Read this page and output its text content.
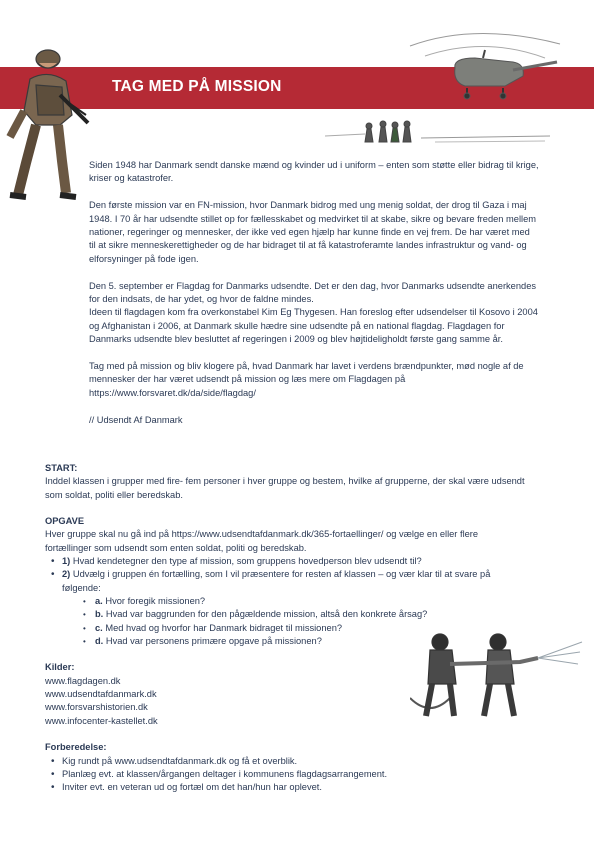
TAG MED PÅ MISSION

Siden 1948 har Danmark sendt danske mænd og kvinder ud i uniform – enten som støtte eller bidrag til krige, kriser og katastrofer.

Den første mission var en FN-mission, hvor Danmark bidrog med ung menig soldat, der drog til Gaza i maj 1948. I 70 år har udsendte stillet op for fællesskabet og medvirket til at skabe, sikre og bevare freden mellem nationer, regeringer og mennesker, der ikke ved egen hjælp har kunne finde en vej frem. De har været med til at sikre menneskerettigheder og de har bidraget til at få katastroferamte landes infrastruktur og vand- og elforsyninger på fode igen.

Den 5. september er Flagdag for Danmarks udsendte. Det er den dag, hvor Danmarks udsendte anerkendes for den indsats, de har ydet, og hvor de faldne mindes.

Ideen til flagdagen kom fra overkonstabel Kim Eg Thygesen. Han foreslog efter udsendelser til Kosovo i 2004 og Afghanistan i 2006, at Danmark skulle hædre sine udsendte på en national flagdag. Flagdagen for Danmarks udsendte blev besluttet af regeringen i 2009 og blev højtideligholdt første gang samme år.

Tag med på mission og bliv klogere på, hvad Danmark har lavet i verdens brændpunkter, mød nogle af de mennesker der har været udsendt på mission og læs mere om Flagdagen på https://www.forsvaret.dk/da/side/flagdag/

// Udsendt Af Danmark

START:

Inddel klassen i grupper med fire- fem personer i hver gruppe og bestem, hvilke af grupperne, der skal være udsendt som soldat, politi eller beredskab.

OPGAVE

Hver gruppe skal nu gå ind på https://www.udsendtafdanmark.dk/365-fortaellinger/ og vælge en eller flere fortællinger som udsendt som enten soldat, politi og beredskab.

• 1) Hvad kendetegner den type af mission, som gruppens hovedperson blev udsendt til?
• 2) Udvælg i gruppen én fortælling, som I vil præsentere for resten af klassen – og vær klar til at svare på følgende:
• a. Hvor foregik missionen?
• b. Hvad var baggrunden for den pågældende mission, altså den konkrete årsag?
• c. Med hvad og hvorfor har Danmark bidraget til missionen?
• d. Hvad var personens primære opgave på missionen?

Kilder:

www.flagdagen.dk

www.udsendtafdanmark.dk

www.forsvarshistorien.dk

www.infocenter-kastellet.dk

Forberedelse:

• Kig rundt på www.udsendtafdanmark.dk og få et overblik.
• Planlæg evt. at klassen/årgangen deltager i kommunens flagdagsarrangement.
• Inviter evt. en veteran ud og fortæl om det han/hun har oplevet.
